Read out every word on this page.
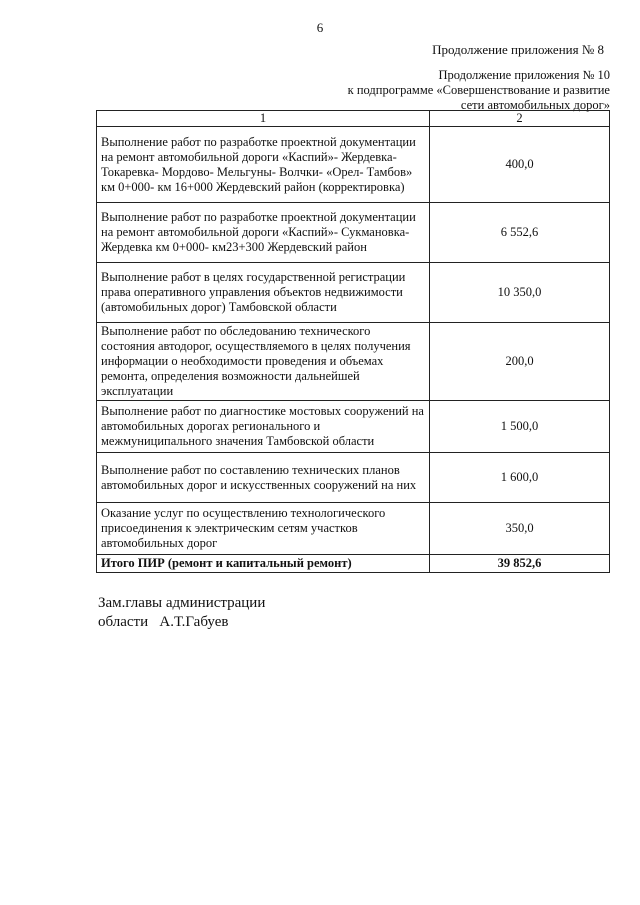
6
Продолжение приложения № 8
Продолжение приложения № 10
к подпрограмме «Совершенствование и развитие
сети автомобильных дорог»
1	2
Выполнение работ по разработке проектной документации на ремонт автомобильной дороги «Каспий»- Жердевка- Токаревка- Мордово- Мельгуны- Волчки- «Орел- Тамбов» км 0+000- км 16+000 Жердевский район (корректировка)	400,0
Выполнение работ по разработке проектной документации на ремонт автомобильной дороги «Каспий»- Сукмановка- Жердевка км 0+000- км23+300 Жердевский район	6 552,6
Выполнение работ в целях государственной регистрации права оперативного управления объектов недвижимости (автомобильных дорог) Тамбовской области	10 350,0
Выполнение работ по обследованию технического состояния автодорог, осуществляемого в целях получения информации о необходимости проведения и объемах ремонта, определения возможности дальнейшей эксплуатации	200,0
Выполнение работ по диагностике мостовых сооружений на автомобильных дорогах регионального и межмуниципального значения Тамбовской области	1 500,0
Выполнение работ по составлению технических планов автомобильных дорог и искусственных сооружений на них	1 600,0
Оказание услуг по осуществлению технологического присоединения к электрическим сетям участков автомобильных дорог	350,0
Итого ПИР (ремонт и капитальный ремонт)	39 852,6
Зам.главы администрации
области   А.Т.Габуев
